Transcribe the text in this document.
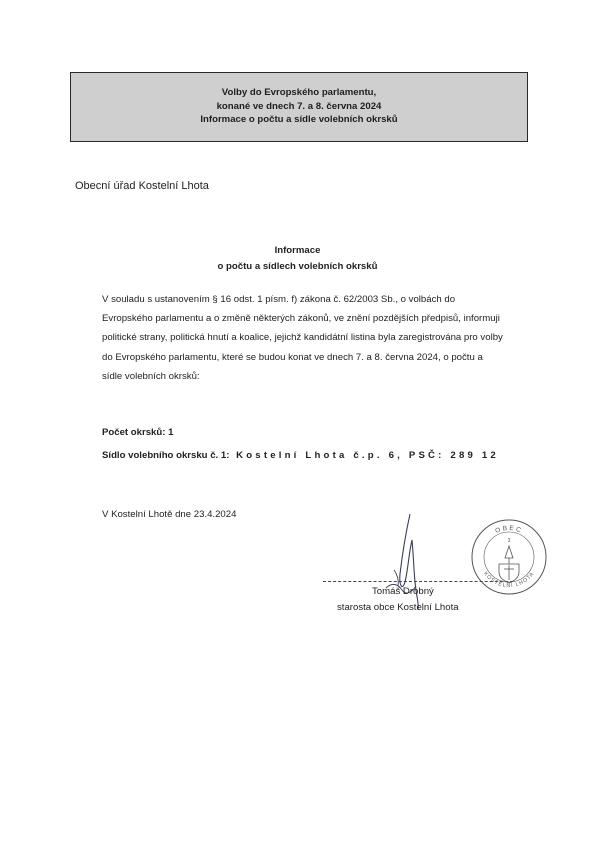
Volby do Evropského parlamentu,
konané ve dnech 7. a 8. června 2024
Informace o počtu a sídle volebních okrsků
Obecní úřad Kostelní Lhota
Informace
o počtu a sídlech volebních okrsků
V souladu s ustanovením § 16 odst. 1 písm. f) zákona č. 62/2003 Sb., o volbách do Evropského parlamentu a o změně některých zákonů, ve znění pozdějších předpisů, informuji politické strany, politická hnutí a koalice, jejichž kandidátní listina byla zaregistrována pro volby do Evropského parlamentu, které se budou konat ve dnech 7. a 8. června 2024, o počtu a sídle volebních okrsků:
Počet okrsků: 1
Sídlo volebního okrsku č. 1: Kostelní Lhota č.p. 6, PSČ: 289 12
V Kostelní Lhotě dne 23.4.2024
Tomáš Drobný
starosta obce Kostelní Lhota
OBEC
KOSTELNÍ LHOTA
3
